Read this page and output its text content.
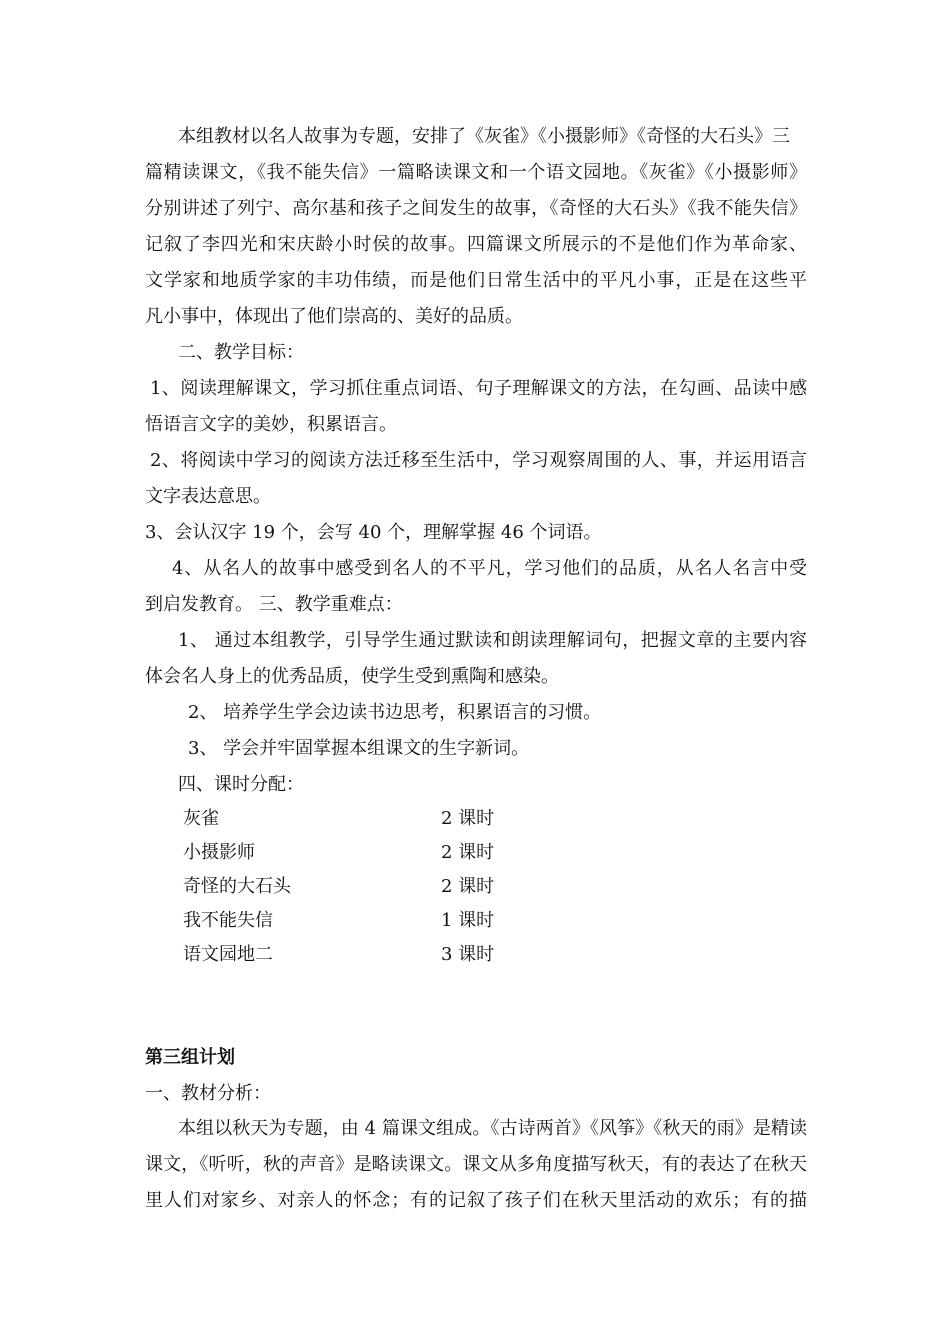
本组教材以名人故事为专题，安排了《灰雀》《小摄影师》《奇怪的大石头》三
篇精读课文，《我不能失信》一篇略读课文和一个语文园地。《灰雀》《小摄影师》
分别讲述了列宁、高尔基和孩子之间发生的故事，《奇怪的大石头》《我不能失信》
记叙了李四光和宋庆龄小时侯的故事。四篇课文所展示的不是他们作为革命家、
文学家和地质学家的丰功伟绩，而是他们日常生活中的平凡小事，正是在这些平
凡小事中，体现出了他们崇高的、美好的品质。
二、教学目标：
1、阅读理解课文，学习抓住重点词语、句子理解课文的方法，在勾画、品读中感
悟语言文字的美妙，积累语言。
2、将阅读中学习的阅读方法迁移至生活中，学习观察周围的人、事，并运用语言
文字表达意思。
3、会认汉字 19 个，会写 40 个，理解掌握 46 个词语。
4、从名人的故事中感受到名人的不平凡，学习他们的品质，从名人名言中受
到启发教育。 三、教学重难点：
1、 通过本组教学，引导学生通过默读和朗读理解词句，把握文章的主要内容
体会名人身上的优秀品质，使学生受到熏陶和感染。
2、 培养学生学会边读书边思考，积累语言的习惯。
3、 学会并牢固掌握本组课文的生字新词。
四、课时分配：
灰雀	2 课时
小摄影师	2 课时
奇怪的大石头	2 课时
我不能失信	1 课时
语文园地二	3 课时
第三组计划
一、教材分析：
本组以秋天为专题，由 4 篇课文组成。《古诗两首》《风筝》《秋天的雨》是精读
课文，《听听，秋的声音》是略读课文。课文从多角度描写秋天，有的表达了在秋天
里人们对家乡、对亲人的怀念；有的记叙了孩子们在秋天里活动的欢乐；有的描
